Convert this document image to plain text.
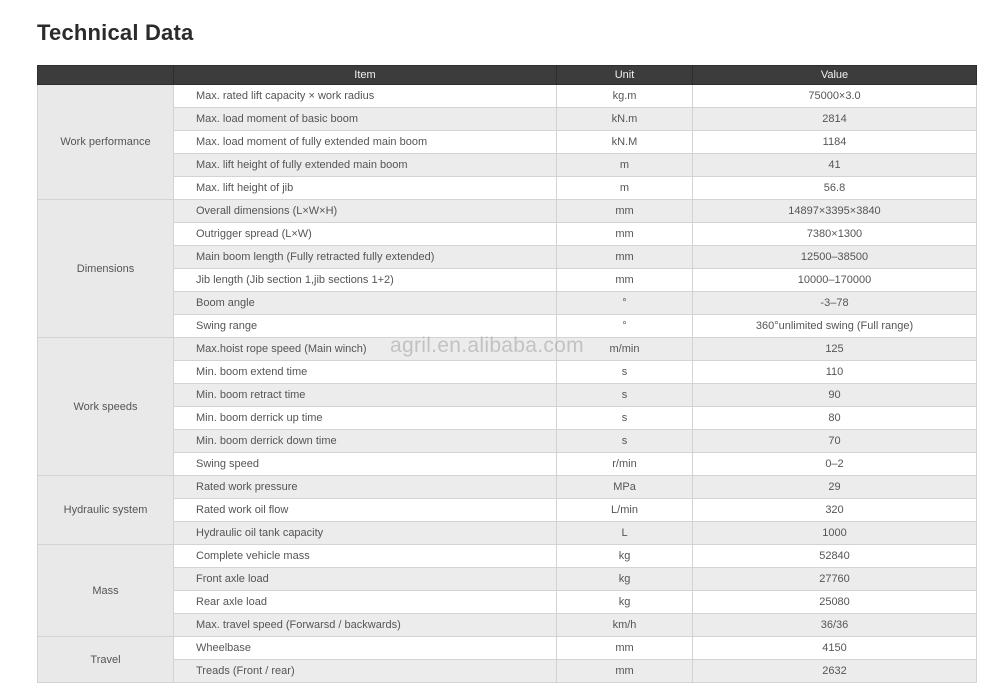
Technical Data
	Item	Unit	Value
Work performance	Max. rated lift capacity × work radius	kg.m	75000×3.0
	Max. load moment of basic boom	kN.m	2814
	Max. load moment of fully extended main boom	kN.M	1184
	Max. lift height of fully extended main boom	m	41
	Max. lift height of jib	m	56.8
Dimensions	Overall dimensions (L×W×H)	mm	14897×3395×3840
	Outrigger spread (L×W)	mm	7380×1300
	Main boom length (Fully retracted fully extended)	mm	12500–38500
	Jib length (Jib section 1,jib sections 1+2)	mm	10000–170000
	Boom angle	°	-3–78
	Swing range	°	360°unlimited swing (Full range)
Work speeds	Max.hoist rope speed (Main winch)	m/min	125
	Min. boom extend time	s	110
	Min. boom retract time	s	90
	Min. boom derrick up time	s	80
	Min. boom derrick down time	s	70
	Swing speed	r/min	0–2
Hydraulic system	Rated work pressure	MPa	29
	Rated work oil flow	L/min	320
	Hydraulic oil tank capacity	L	1000
Mass	Complete vehicle mass	kg	52840
	Front axle load	kg	27760
	Rear axle load	kg	25080
	Max. travel speed (Forwarsd / backwards)	km/h	36/36
Travel	Wheelbase	mm	4150
	Treads (Front / rear)	mm	2632
agril.en.alibaba.com
